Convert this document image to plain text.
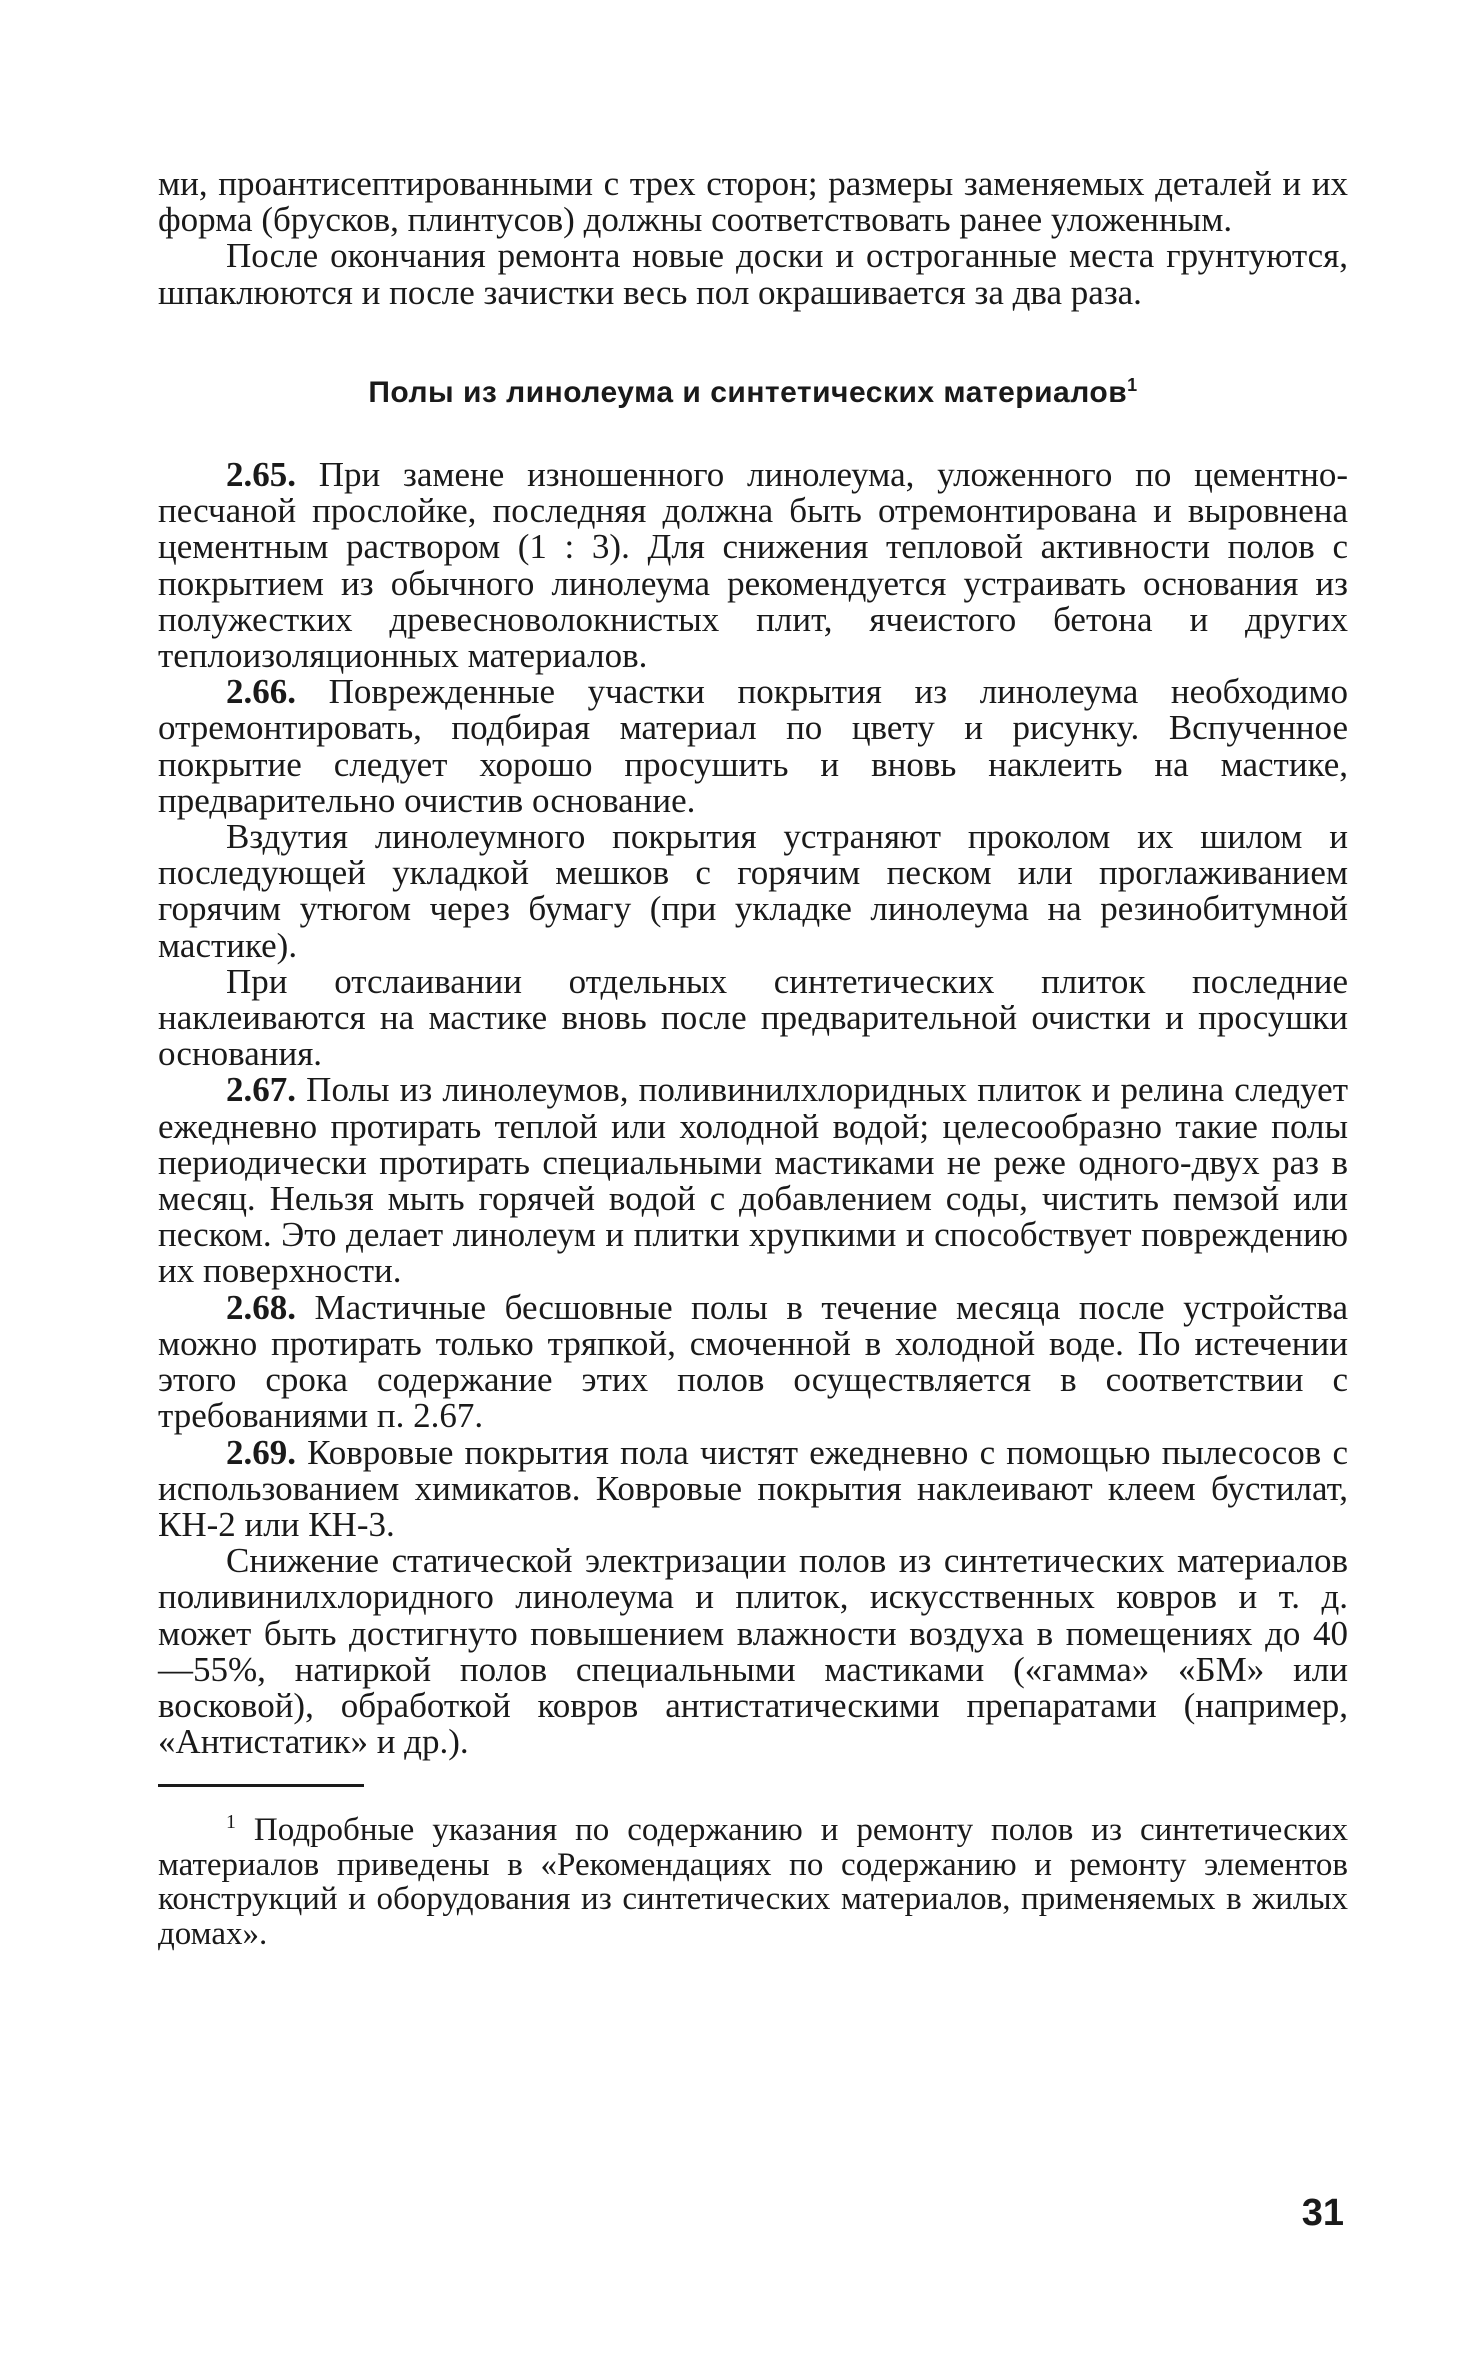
ми, проантисептированными с трех сторон; размеры заменяемых деталей и их форма (брусков, плинтусов) должны соответствовать ранее уложенным.

После окончания ремонта новые доски и остроганные места грунтуются, шпаклюются и после зачистки весь пол окрашивается за два раза.

Полы из линолеума и синтетических материалов$^1$

2.65. При замене изношенного линолеума, уложенного по цементно-песчаной прослойке, последняя должна быть отремонтирована и выровнена цементным раствором (1 : 3). Для снижения тепловой активности полов с покрытием из обычного линолеума рекомендуется устраивать основания из полужестких древесноволокнистых плит, ячеистого бетона и других теплоизоляционных материалов.

2.66. Поврежденные участки покрытия из линолеума необходимо отремонтировать, подбирая материал по цвету и рисунку. Вспученное покрытие следует хорошо просушить и вновь наклеить на мастике, предварительно очистив основание.

Вздутия линолеумного покрытия устраняют проколом их шилом и последующей укладкой мешков с горячим песком или проглаживанием горячим утюгом через бумагу (при укладке линолеума на резинобитумной мастике).

При отслаивании отдельных синтетических плиток последние наклеиваются на мастике вновь после предварительной очистки и просушки основания.

2.67. Полы из линолеумов, поливинилхлоридных плиток и релина следует ежедневно протирать теплой или холодной водой; целесообразно такие полы периодически протирать специальными мастиками не реже одного-двух раз в месяц. Нельзя мыть горячей водой с добавлением соды, чистить пемзой или песком. Это делает линолеум и плитки хрупкими и способствует повреждению их поверхности.

2.68. Мастичные бесшовные полы в течение месяца после устройства можно протирать только тряпкой, смоченной в холодной воде. По истечении этого срока содержание этих полов осуществляется в соответствии с требованиями п. 2.67.

2.69. Ковровые покрытия пола чистят ежедневно с помощью пылесосов с использованием химикатов. Ковровые покрытия наклеивают клеем бустилат, КН-2 или КН-3.

Снижение статической электризации полов из синтетических материалов поливинилхлоридного линолеума и плиток, искусственных ковров и т. д. может быть достигнуто повышением влажности воздуха в помещениях до 40—55%, натиркой полов специальными мастиками («гамма» «БМ» или восковой), обработкой ковров антистатическими препаратами (например, «Антистатик» и др.).

$^1$ Подробные указания по содержанию и ремонту полов из синтетических материалов приведены в «Рекомендациях по содержанию и ремонту элементов конструкций и оборудования из синтетических материалов, применяемых в жилых домах».

31
